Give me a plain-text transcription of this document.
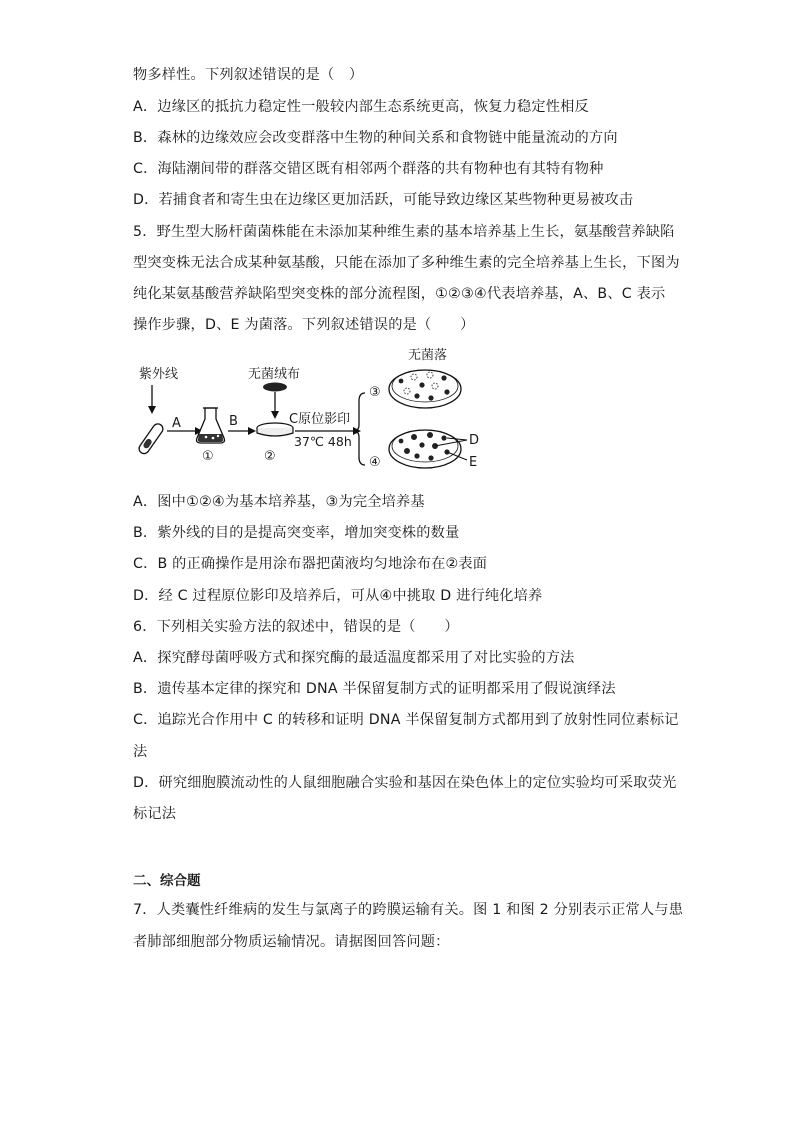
物多样性。下列叙述错误的是（　）
A．边缘区的抵抗力稳定性一般较内部生态系统更高，恢复力稳定性相反
B．森林的边缘效应会改变群落中生物的种间关系和食物链中能量流动的方向
C．海陆潮间带的群落交错区既有相邻两个群落的共有物种也有其特有物种
D．若捕食者和寄生虫在边缘区更加活跃，可能导致边缘区某些物种更易被攻击
5．野生型大肠杆菌菌株能在未添加某种维生素的基本培养基上生长，氨基酸营养缺陷
型突变株无法合成某种氨基酸，只能在添加了多种维生素的完全培养基上生长，下图为
纯化某氨基酸营养缺陷型突变株的部分流程图，①②③④代表培养基，A、B、C 表示
操作步骤，D、E 为菌落。下列叙述错误的是（　　）
紫外线
A
①
B
无菌绒布
②
C原位影印
37℃ 48h
无菌落
③
④
D
E
A．图中①②④为基本培养基，③为完全培养基
B．紫外线的目的是提高突变率，增加突变株的数量
C．B 的正确操作是用涂布器把菌液均匀地涂布在②表面
D．经 C 过程原位影印及培养后，可从④中挑取 D 进行纯化培养
6．下列相关实验方法的叙述中，错误的是（　　）
A．探究酵母菌呼吸方式和探究酶的最适温度都采用了对比实验的方法
B．遗传基本定律的探究和 DNA 半保留复制方式的证明都采用了假说演绎法
C．追踪光合作用中 C 的转移和证明 DNA 半保留复制方式都用到了放射性同位素标记
法
D．研究细胞膜流动性的人鼠细胞融合实验和基因在染色体上的定位实验均可采取荧光
标记法
二、综合题
7．人类囊性纤维病的发生与氯离子的跨膜运输有关。图 1 和图 2 分别表示正常人与患
者肺部细胞部分物质运输情况。请据图回答问题：
